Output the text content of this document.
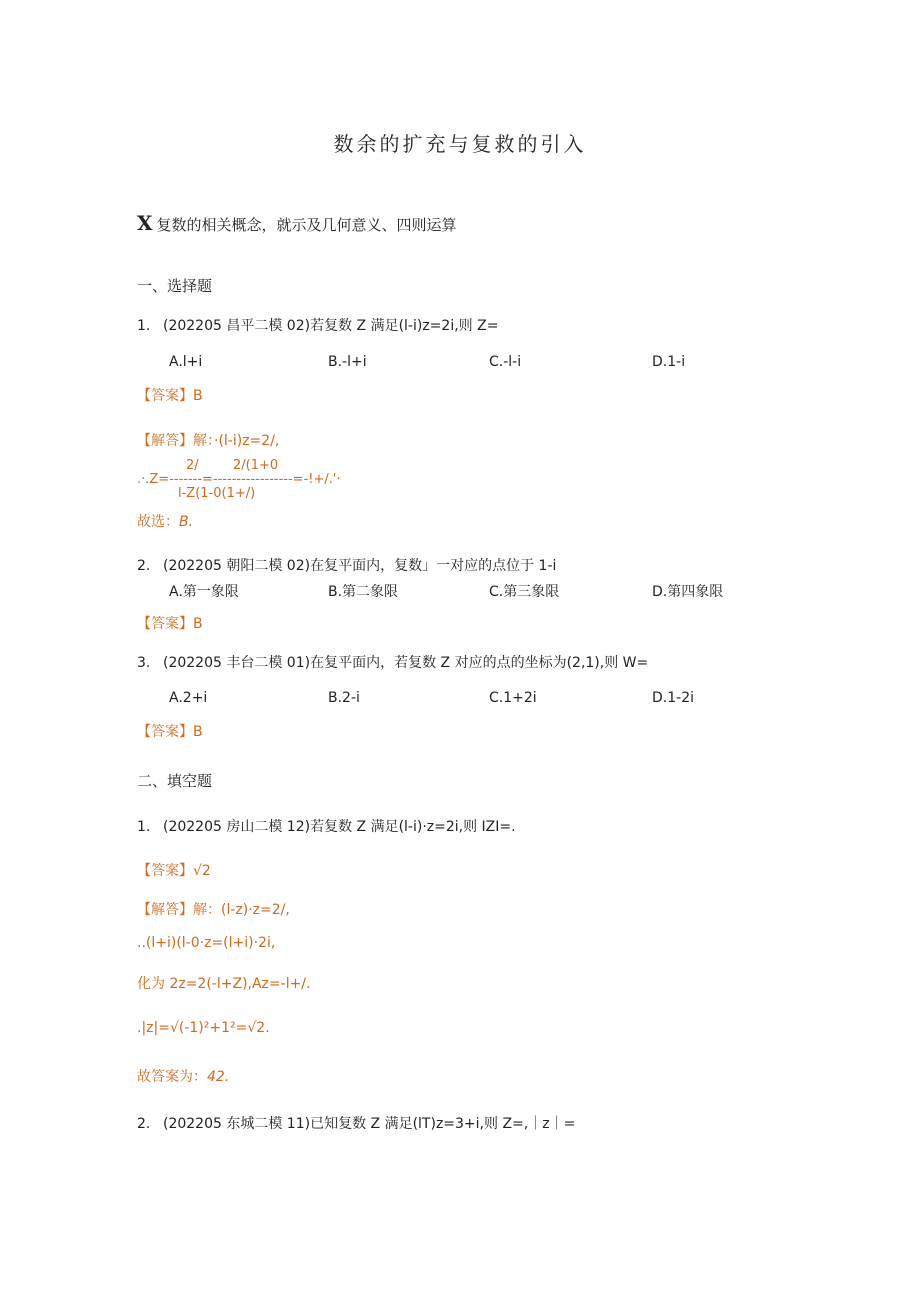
数余的扩充与复救的引入
X 复数的相关概念，就示及几何意义、四则运算
一、选择题
1. (202205 昌平二模 02)若复数 Z 满足(l-i)z=2i,则 Z=
A.l+i	B.-l+i	C.-l-i	D.1-i
【答案】B
【解答】解：·(l-i)z=2/,
2/	2/(1+0
.·.Z=-------=-----------------=-!+/.'·
l-Z(1-0(1+/)
故选：B.
2. (202205 朝阳二模 02)在复平面内，复数」一对应的点位于 1-i
A.第一象限	B.第二象限	C.第三象限	D.第四象限
【答案】B
3. (202205 丰台二模 01)在复平面内，若复数 Z 对应的点的坐标为(2,1),则 W=
A.2+i	B.2-i	C.1+2i	D.1-2i
【答案】B
二、填空题
1. (202205 房山二模 12)若复数 Z 满足(l-i)·z=2i,则 IZI=.
【答案】√2
【解答】解：(l-z)·z=2/,
..(l+i)(l-0·z=(l+i)·2i,
化为 2z=2(-l+Z),Az=-l+/.
.|z|=√(-1)²+1²=√2.
故答案为：42.
2. (202205 东城二模 11)已知复数 Z 满足(lT)z=3+i,则 Z=,｜z｜=
